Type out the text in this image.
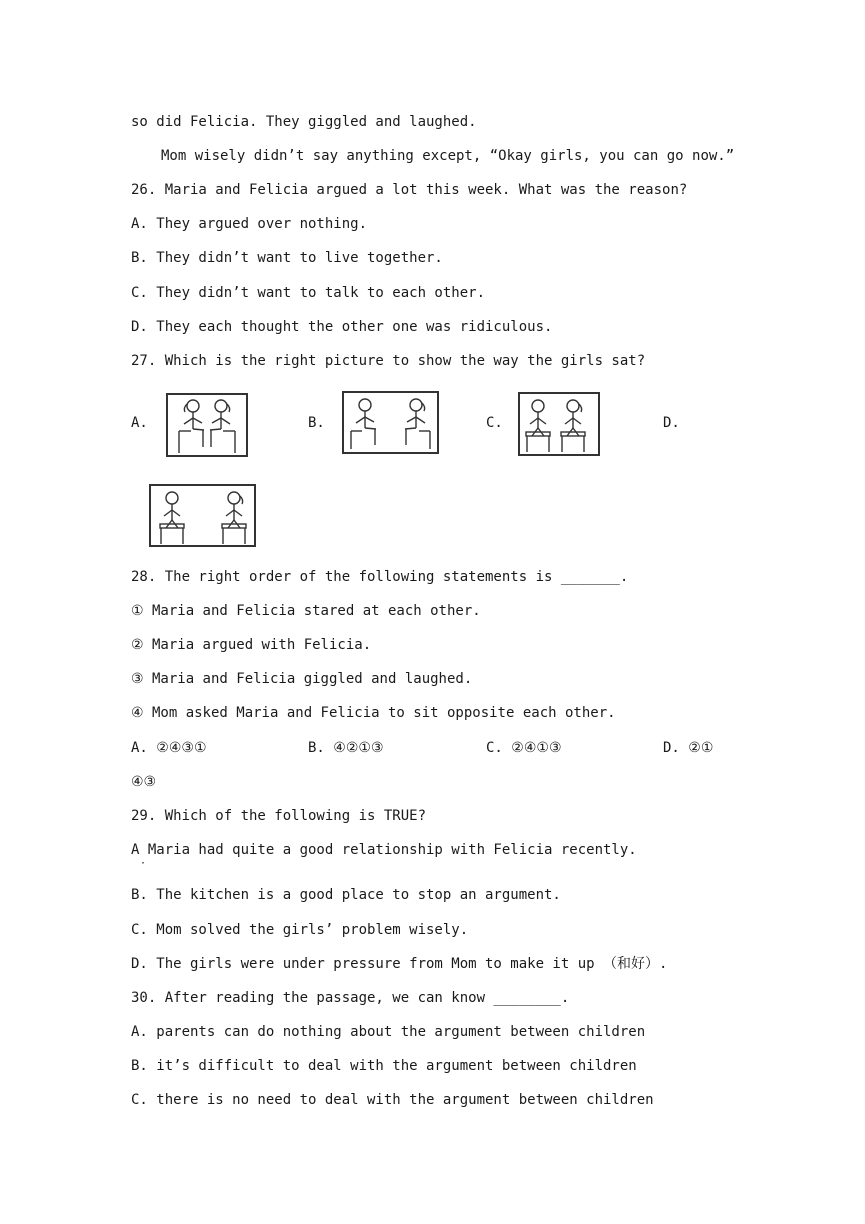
so did Felicia. They giggled and laughed.
Mom wisely didn’t say anything except, “Okay girls, you can go now.”
26. Maria and Felicia argued a lot this week. What was the reason?
A. They argued over nothing.
B. They didn’t want to live together.
C. They didn’t want to talk to each other.
D. They each thought the other one was ridiculous.
27. Which is the right picture to show the way the girls sat?
A.	B.	C.	D.
28. The right order of the following statements is _______.
① Maria and Felicia stared at each other.
② Maria argued with Felicia.
③ Maria and Felicia giggled and laughed.
④ Mom asked Maria and Felicia to sit opposite each other.
A. ②④③①	B. ④②①③	C. ②④①③	D. ②①
④③
29. Which of the following is TRUE?
A Maria had quite a good relationship with Felicia recently.
·
B. The kitchen is a good place to stop an argument.
C. Mom solved the girls’ problem wisely.
D. The girls were under pressure from Mom to make it up （和好）.
30. After reading the passage, we can know ________.
A. parents can do nothing about the argument between children
B. it’s difficult to deal with the argument between children
C. there is no need to deal with the argument between children
